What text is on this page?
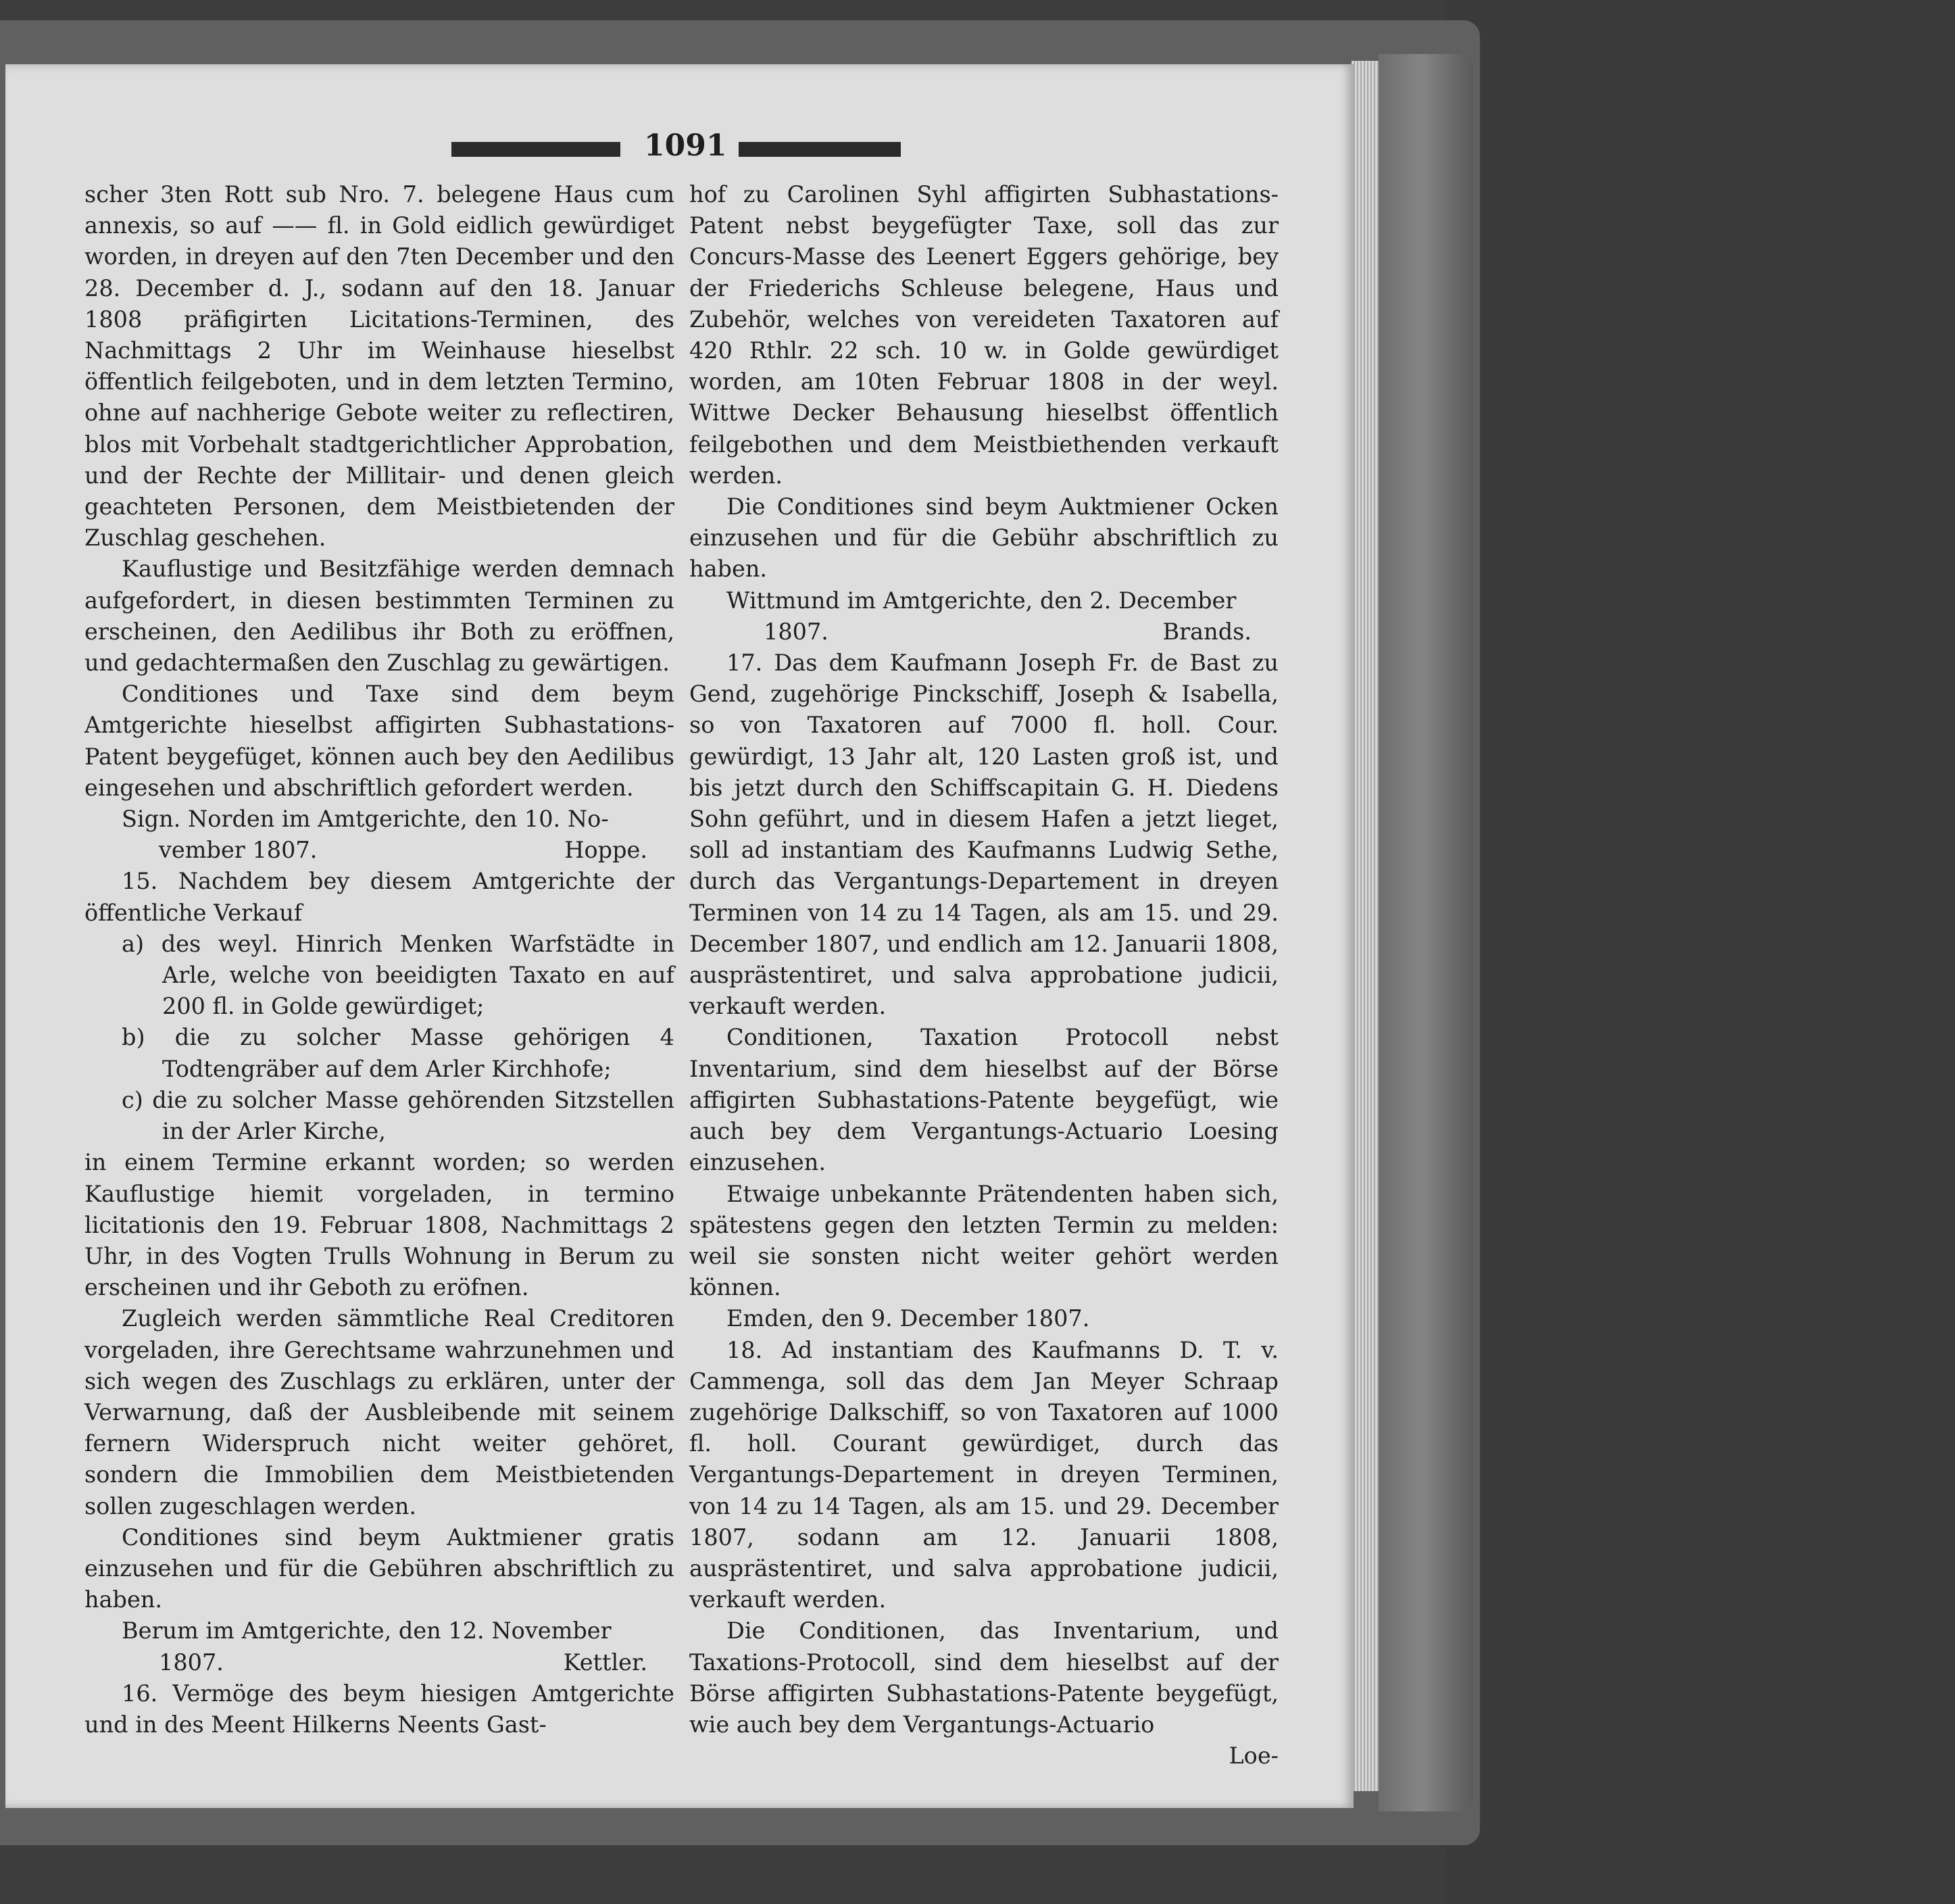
1091

scher 3ten Rott sub Nro. 7. belegene Haus cum annexis, so auf —— fl. in Gold eidlich gewürdiget worden, in dreyen auf den 7ten December und den 28. December d. J., sodann auf den 18. Januar 1808 präfigirten Licitations-Terminen, des Nachmittags 2 Uhr im Weinhause hieselbst öffentlich feilgeboten, und in dem letzten Termino, ohne auf nachherige Gebote weiter zu reflectiren, blos mit Vorbehalt stadtgerichtlicher Approbation, und der Rechte der Millitair- und denen gleich geachteten Personen, dem Meistbietenden der Zuschlag geschehen.

Kauflustige und Besitzfähige werden demnach aufgefordert, in diesen bestimmten Terminen zu erscheinen, den Aedilibus ihr Both zu eröffnen, und gedachtermaßen den Zuschlag zu gewärtigen.

Conditiones und Taxe sind dem beym Amtgerichte hieselbst affigirten Subhastations-Patent beygefüget, können auch bey den Aedilibus eingesehen und abschriftlich gefordert werden.

Sign. Norden im Amtgerichte, den 10. No-

vember 1807.	Hoppe.

15. Nachdem bey diesem Amtgerichte der öffentliche Verkauf

a) des weyl. Hinrich Menken Warfstädte in Arle, welche von beeidigten Taxato en auf 200 fl. in Golde gewürdiget;

b) die zu solcher Masse gehörigen 4 Todtengräber auf dem Arler Kirchhofe;

c) die zu solcher Masse gehörenden Sitzstellen in der Arler Kirche,

in einem Termine erkannt worden; so werden Kauflustige hiemit vorgeladen, in termino licitationis den 19. Februar 1808, Nachmittags 2 Uhr, in des Vogten Trulls Wohnung in Berum zu erscheinen und ihr Geboth zu eröfnen.

Zugleich werden sämmtliche Real Creditoren vorgeladen, ihre Gerechtsame wahrzunehmen und sich wegen des Zuschlags zu erklären, unter der Verwarnung, daß der Ausbleibende mit seinem fernern Widerspruch nicht weiter gehöret, sondern die Immobilien dem Meistbietenden sollen zugeschlagen werden.

Conditiones sind beym Auktmiener gratis einzusehen und für die Gebühren abschriftlich zu haben.

Berum im Amtgerichte, den 12. November

1807.	Kettler.

16. Vermöge des beym hiesigen Amtgerichte und in des Meent Hilkerns Neents Gast-

hof zu Carolinen Syhl affigirten Subhastations-Patent nebst beygefügter Taxe, soll das zur Concurs-Masse des Leenert Eggers gehörige, bey der Friederichs Schleuse belegene, Haus und Zubehör, welches von vereideten Taxatoren auf 420 Rthlr. 22 sch. 10 w. in Golde gewürdiget worden, am 10ten Februar 1808 in der weyl. Wittwe Decker Behausung hieselbst öffentlich feilgebothen und dem Meistbiethenden verkauft werden.

Die Conditiones sind beym Auktmiener Ocken einzusehen und für die Gebühr abschriftlich zu haben.

Wittmund im Amtgerichte, den 2. December

1807.	Brands.

17. Das dem Kaufmann Joseph Fr. de Bast zu Gend, zugehörige Pinckschiff, Joseph & Isabella, so von Taxatoren auf 7000 fl. holl. Cour. gewürdigt, 13 Jahr alt, 120 Lasten groß ist, und bis jetzt durch den Schiffscapitain G. H. Diedens Sohn geführt, und in diesem Hafen a jetzt lieget, soll ad instantiam des Kaufmanns Ludwig Sethe, durch das Vergantungs-Departement in dreyen Terminen von 14 zu 14 Tagen, als am 15. und 29. December 1807, und endlich am 12. Januarii 1808, ausprästentiret, und salva approbatione judicii, verkauft werden.

Conditionen, Taxation Protocoll nebst Inventarium, sind dem hieselbst auf der Börse affigirten Subhastations-Patente beygefügt, wie auch bey dem Vergantungs-Actuario Loesing einzusehen.

Etwaige unbekannte Prätendenten haben sich, spätestens gegen den letzten Termin zu melden: weil sie sonsten nicht weiter gehört werden können.

Emden, den 9. December 1807.

18. Ad instantiam des Kaufmanns D. T. v. Cammenga, soll das dem Jan Meyer Schraap zugehörige Dalkschiff, so von Taxatoren auf 1000 fl. holl. Courant gewürdiget, durch das Vergantungs-Departement in dreyen Terminen, von 14 zu 14 Tagen, als am 15. und 29. December 1807, sodann am 12. Januarii 1808, ausprästentiret, und salva approbatione judicii, verkauft werden.

Die Conditionen, das Inventarium, und Taxations-Protocoll, sind dem hieselbst auf der Börse affigirten Subhastations-Patente beygefügt, wie auch bey dem Vergantungs-Actuario

Loe-
